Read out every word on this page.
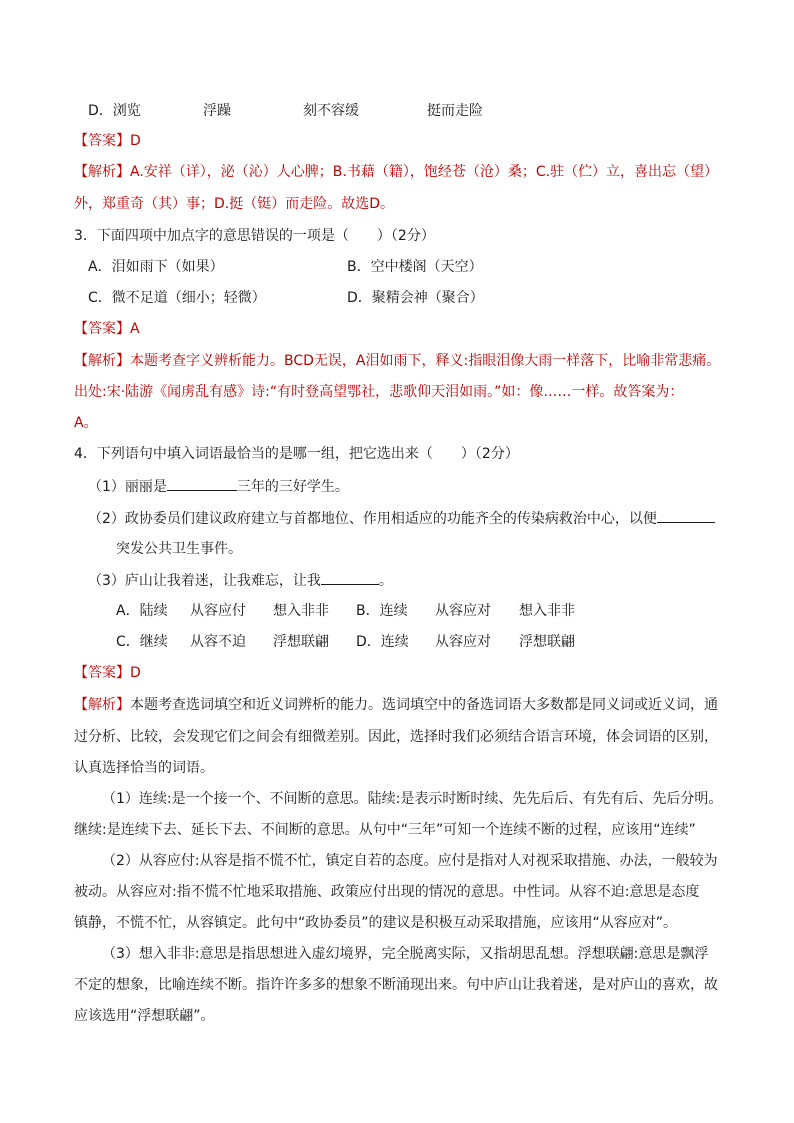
D．浏览	浮躁	刻不容缓	挺而走险
【答案】D
【解析】A.安祥（详），泌（沁）人心脾；B.书藉（籍），饱经苍（沧）桑；C.驻（伫）立，喜出忘（望）
外，郑重奇（其）事；D.挺（铤）而走险。故选D。
3．下面四项中加点字的意思错误的一项是（　　）（2分）
A．泪如雨下（如果）	B．空中楼阁（天空）
C．微不足道（细小；轻微）	D．聚精会神（聚合）
【答案】A
【解析】本题考查字义辨析能力。BCD无误，A泪如雨下，释义:指眼泪像大雨一样落下，比喻非常悲痛。
出处:宋·陆游《闻虏乱有感》诗:“有时登高望鄂社，悲歌仰天泪如雨。”如：像……一样。故答案为：
A。
4．下列语句中填入词语最恰当的是哪一组，把它选出来（　　）（2分）
（1）丽丽是	三年的三好学生。
（2）政协委员们建议政府建立与首都地位、作用相适应的功能齐全的传染病救治中心，以便
突发公共卫生事件。
（3）庐山让我着迷，让我难忘，让我	。
A．陆续 从容应付 想入非非 B．连续 从容应对 想入非非
C．继续 从容不迫 浮想联翩 D．连续 从容应对 浮想联翩
【答案】D
【解析】本题考查选词填空和近义词辨析的能力。选词填空中的备选词语大多数都是同义词或近义词，通
过分析、比较，会发现它们之间会有细微差别。因此，选择时我们必须结合语言环境，体会词语的区别，
认真选择恰当的词语。
（1）连续:是一个接一个、不间断的意思。陆续:是表示时断时续、先先后后、有先有后、先后分明。
继续:是连续下去、延长下去、不间断的意思。从句中“三年”可知一个连续不断的过程，应该用“连续”
（2）从容应付:从容是指不慌不忙，镇定自若的态度。应付是指对人对视采取措施、办法，一般较为
被动。从容应对:指不慌不忙地采取措施、政策应付出现的情况的意思。中性词。从容不迫:意思是态度
镇静，不慌不忙，从容镇定。此句中“政协委员”的建议是积极互动采取措施，应该用“从容应对”。
（3）想入非非:意思是指思想进入虚幻境界，完全脱离实际，又指胡思乱想。浮想联翩:意思是飘浮
不定的想象，比喻连续不断。指许许多多的想象不断涌现出来。句中庐山让我着迷，是对庐山的喜欢，故
应该选用“浮想联翩”。
